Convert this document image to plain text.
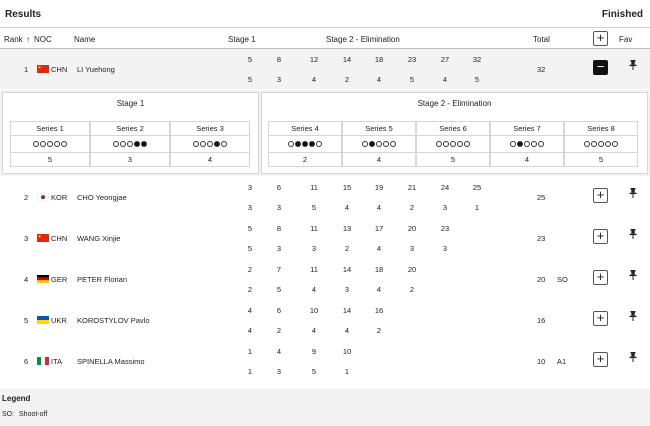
Results	Finished
Rank ↑ NOC	Name	Stage 1	Stage 2 - Elimination	Total	+	Fav
1	CHN LI Yuehong
5	8	12	14	18	23	27	32
5	3	4	2	4	5	4	5
32	−
2	KOR CHO Yeongjae
3	6	11	15	19	21	24	25
3	3	5	4	4	2	3	1
25	+
3	CHN WANG Xinjie
5	8	11	13	17	20	23
5	3	3	2	4	3	3
23	+
4	GER PETER Florian
2	7	11	14	18	20
2	5	4	3	4	2
20 SO +
5	UKR KOROSTYLOV Pavlo
4	6	10	14	16
4	2	4	4	2
16	+
6	ITA SPINELLA Massimo
1	4	9	10
1	3	5	1
10 A1 +
Stage 1
Series 1
5
Series 2
3
Series 3
4
Stage 2 - Elimination
Series 4
2
Series 5
4
Series 6
5
Series 7
4
Series 8
5
Legend
SO: Shoot-off
